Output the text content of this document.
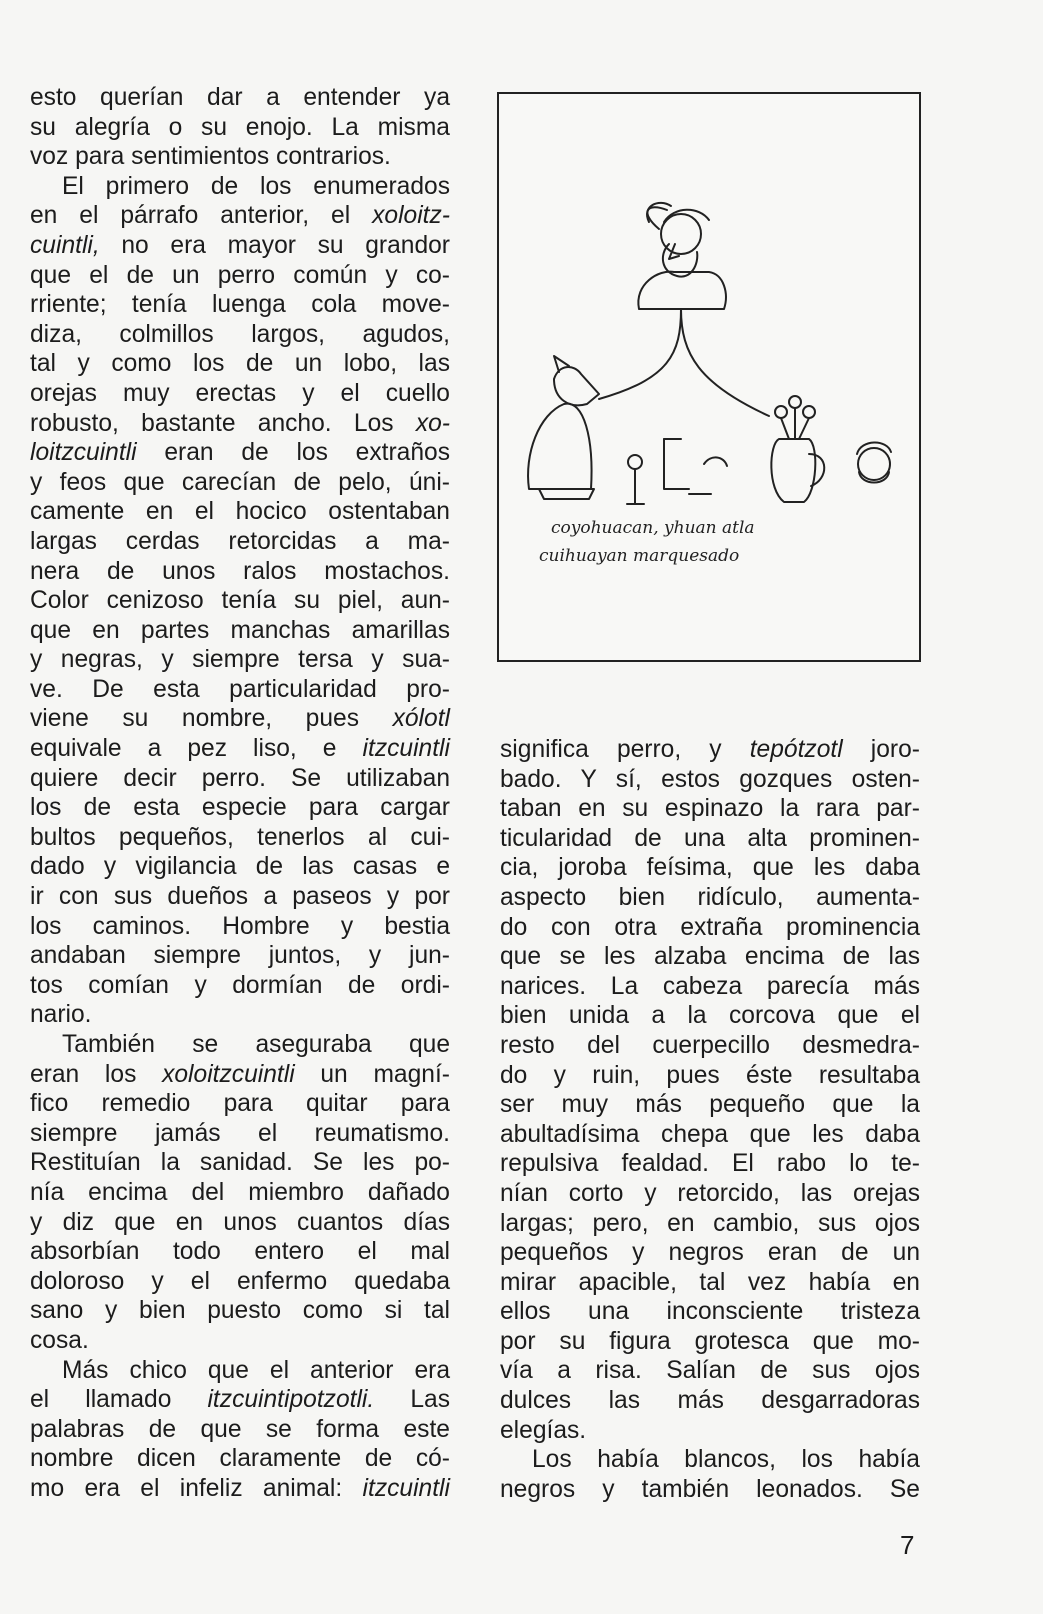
esto querían dar a entender ya
su alegría o su enojo. La misma
voz para sentimientos contrarios.
El primero de los enumerados
en el párrafo anterior, el xoloitz-
cuintli, no era mayor su grandor
que el de un perro común y co-
rriente; tenía luenga cola move-
diza, colmillos largos, agudos,
tal y como los de un lobo, las
orejas muy erectas y el cuello
robusto, bastante ancho. Los xo-
loitzcuintli eran de los extraños
y feos que carecían de pelo, úni-
camente en el hocico ostentaban
largas cerdas retorcidas a ma-
nera de unos ralos mostachos.
Color cenizoso tenía su piel, aun-
que en partes manchas amarillas
y negras, y siempre tersa y sua-
ve. De esta particularidad pro-
viene su nombre, pues xólotl
equivale a pez liso, e itzcuintli
quiere decir perro. Se utilizaban
los de esta especie para cargar
bultos pequeños, tenerlos al cui-
dado y vigilancia de las casas e
ir con sus dueños a paseos y por
los caminos. Hombre y bestia
andaban siempre juntos, y jun-
tos comían y dormían de ordi-
nario.
También se aseguraba que
eran los xoloitzcuintli un magní-
fico remedio para quitar para
siempre jamás el reumatismo.
Restituían la sanidad. Se les po-
nía encima del miembro dañado
y diz que en unos cuantos días
absorbían todo entero el mal
doloroso y el enfermo quedaba
sano y bien puesto como si tal
cosa.
Más chico que el anterior era
el llamado itzcuintipotzotli. Las
palabras de que se forma este
nombre dicen claramente de có-
mo era el infeliz animal: itzcuintli
significa perro, y tepótzotl joro-
bado. Y sí, estos gozques osten-
taban en su espinazo la rara par-
ticularidad de una alta prominen-
cia, joroba feísima, que les daba
aspecto bien ridículo, aumenta-
do con otra extraña prominencia
que se les alzaba encima de las
narices. La cabeza parecía más
bien unida a la corcova que el
resto del cuerpecillo desmedra-
do y ruin, pues éste resultaba
ser muy más pequeño que la
abultadísima chepa que les daba
repulsiva fealdad. El rabo lo te-
nían corto y retorcido, las orejas
largas; pero, en cambio, sus ojos
pequeños y negros eran de un
mirar apacible, tal vez había en
ellos una inconsciente tristeza
por su figura grotesca que mo-
vía a risa. Salían de sus ojos
dulces las más desgarradoras
elegías.
Los había blancos, los había
negros y también leonados. Se
coyohuacan, yhuan atla
cuihuayan marquesado
7
